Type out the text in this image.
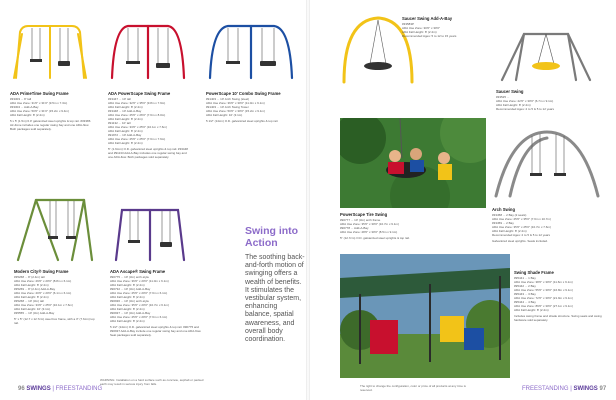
ADA PrimeTime Swing Frame
#33303 ... 8' tall
ADA Use Zone: 31'0" x 31'0" (9.5m x 7.3m)
#33304 ... Add-A-Bay
ADA Use Zone: 50'0" x 31'0" (15.2m x 9.4m)
ADA Fall Height: 8' (2.4m)
5 x 5' (1.5m) 6.0' galvanized steel uprights & top rail. #33386 Air-Zone includes one regular swing bay and one ADA-flow. Both packages sold separately.
ADA PowerScape Swing Frame
#33447 ... 10' tall
ADA Use Zone: 32'0" x 35'0" (9.8m x 7.9m)
ADA Fall Height: 8' (2.4m)
#33448 ... 10' Add-A-Bay
ADA Use Zone: 25'0" x 26'0" (7.6m x 8.0m)
ADA Fall Height: 8' (2.4m)
#91132 ... 10' tall
ADA Use Zone: 33'0" x 25'0" (10.1m x 7.6m)
ADA Fall Height: 8' (2.4m)
#91972 ... 10' Add-A-Bay
ADA Use Zone: 25'0" x 25'0" (7.6m x 7.6m)
ADA Fall Height: 8' (2.4m)
5" (1.6mm) O.D. galvanized steel uprights & top rail. #33448 and #91133 Add-A-Bay includes one regular swing bay and one ADA-flow. Both packages sold separately.
PowerScape 10' Combo Swing Frame
#91403 ... 10' Arch Swing (steel)
ADA Use Zone: 36'0" x 30'0" (11.0m x 9.1m)
#91403 ... 10' Arch Swing Tower
ADA Use Zone: 50'0" x 30'0" (15.2m x 9.1m)
ADA Fall Height: 10' (3.1m)
5 1/2" (14cm) O.D. galvanized steel uprights & top rail.
Saucer Swing Add-A-Bay
#33583P
ADA Use Zone: 30'0" x 30'0"
ADA Fall Height: 8' (2.4m)
Recommended Ages: 5 to 12 to 15 years
Saucer Swing
#33525 ...
ADA Use Zone: 22'0" x 30'0" (6.7m x 9.1m)
ADA Fall Height: 8' (2.4m)
Recommended Ages: 2 to 5 & 5 to 12 years
Arch Swing
#33458 ... 2 Bay (2 seats)
ADA Use Zone: 25'0" x 35'0" (7.6m x 10.7m)
#33459 ... 2 Bay
ADA Use Zone: 35'0" x 25'0" (10.7m x 7.6m)
ADA Fall Height: 8' (2.4m)
Recommended Ages: 2 to 5 & 5 to 12 years
Galvanized steel uprights. Seats included.
PowerScape Tire Swing
#90777 ... 10' (3m) arch frame
ADA Use Zone: 35'0" x 30'0" (10.7m x 9.1m)
#90778 ... Add-A-Bay
ADA Use Zone: 28'0" x 30'0" (8.5m x 9.1m)
5" (12.7cm) O.D. galvanized steel uprights & top rail.
Modern City® Swing Frame
#35268 ... 8' (2.4m) tall
ADA Use Zone: 29'0" x 20'0" (8.8m x 6.1m)
ADA Fall Height: 8' (2.4m)
#35269 ... 8' (2.4m) Add-A-Bay
ADA Use Zone: 20'0" x 20'0" (6.1m x 6.1m)
ADA Fall Height: 8' (2.4m)
#35268 ... 10' (3m) tall
ADA Use Zone: 33'0" x 25'0" (10.1m x 7.6m)
ADA Fall Height: 10' (3.1m)
#35555 ... 10' (3m) Add-A-Bay
5" x 5" (12.7 x 12.7cm) steel box frame, with a 3" (7.6cm) top rail.
ADA Ascape® Swing Frame
#90775 ... 10' (3m) arch-style
ADA Use Zone: 36'0" x 20'0" (11.0m x 6.1m)
ADA Fall Height: 8' (2.4m)
#90732 ... 10' (3m) Add-A-Bay
ADA Use Zone: 25'0" x 20'0" (7.6m x 6.1m)
ADA Fall Height: 8' (2.4m)
#90936 ... 10' (3m) arch-style
ADA Use Zone: 35'0" x 20'0" (10.7m x 6.1m)
ADA Fall Height: 8' (2.4m)
#90937 ... 10' (3m) Add-A-Bay
ADA Use Zone: 25'0" x 20'0" (7.6m x 6.1m)
ADA Fall Height: 8' (2.4m)
5 1/2" (14cm) O.D. galvanized steel uprights & top rail. #90775 and #90937 Add-A-Bay include one regular swing bay and one ADA-flow. Seat packages sold separately.
Swing into Action
The soothing back-and-forth motion of swinging offers a wealth of benefits. It stimulates the vestibular system, enhancing balance, spatial awareness, and overall body coordination.
Swing Shade Frame
#95441 ... 1 Bay
ADA Use Zone: 38'0" x 30'0" (11.6m x 9.1m)
#95442 ... 2 Bay
ADA Use Zone: 55'0" x 30'0" (16.8m x 9.1m)
#95443 ... 3 Bay
ADA Use Zone: 72'0" x 30'0" (21.9m x 9.1m)
#95444 ... 4 Bay
ADA Use Zone: 89'0" x 30'0" (27.1m x 9.1m)
ADA Fall Height: 8' (2.4m)
Includes swing frame and shade structure. Swing seats and swing hardware sold separately.
WARNING: Installation on a hard surface such as concrete, asphalt or packed earth may result in serious injury from falls.	The right to change the configuration, color or price of all products at any time is reserved.
96 SWINGS | FREESTANDING	FREESTANDING | SWINGS 97
